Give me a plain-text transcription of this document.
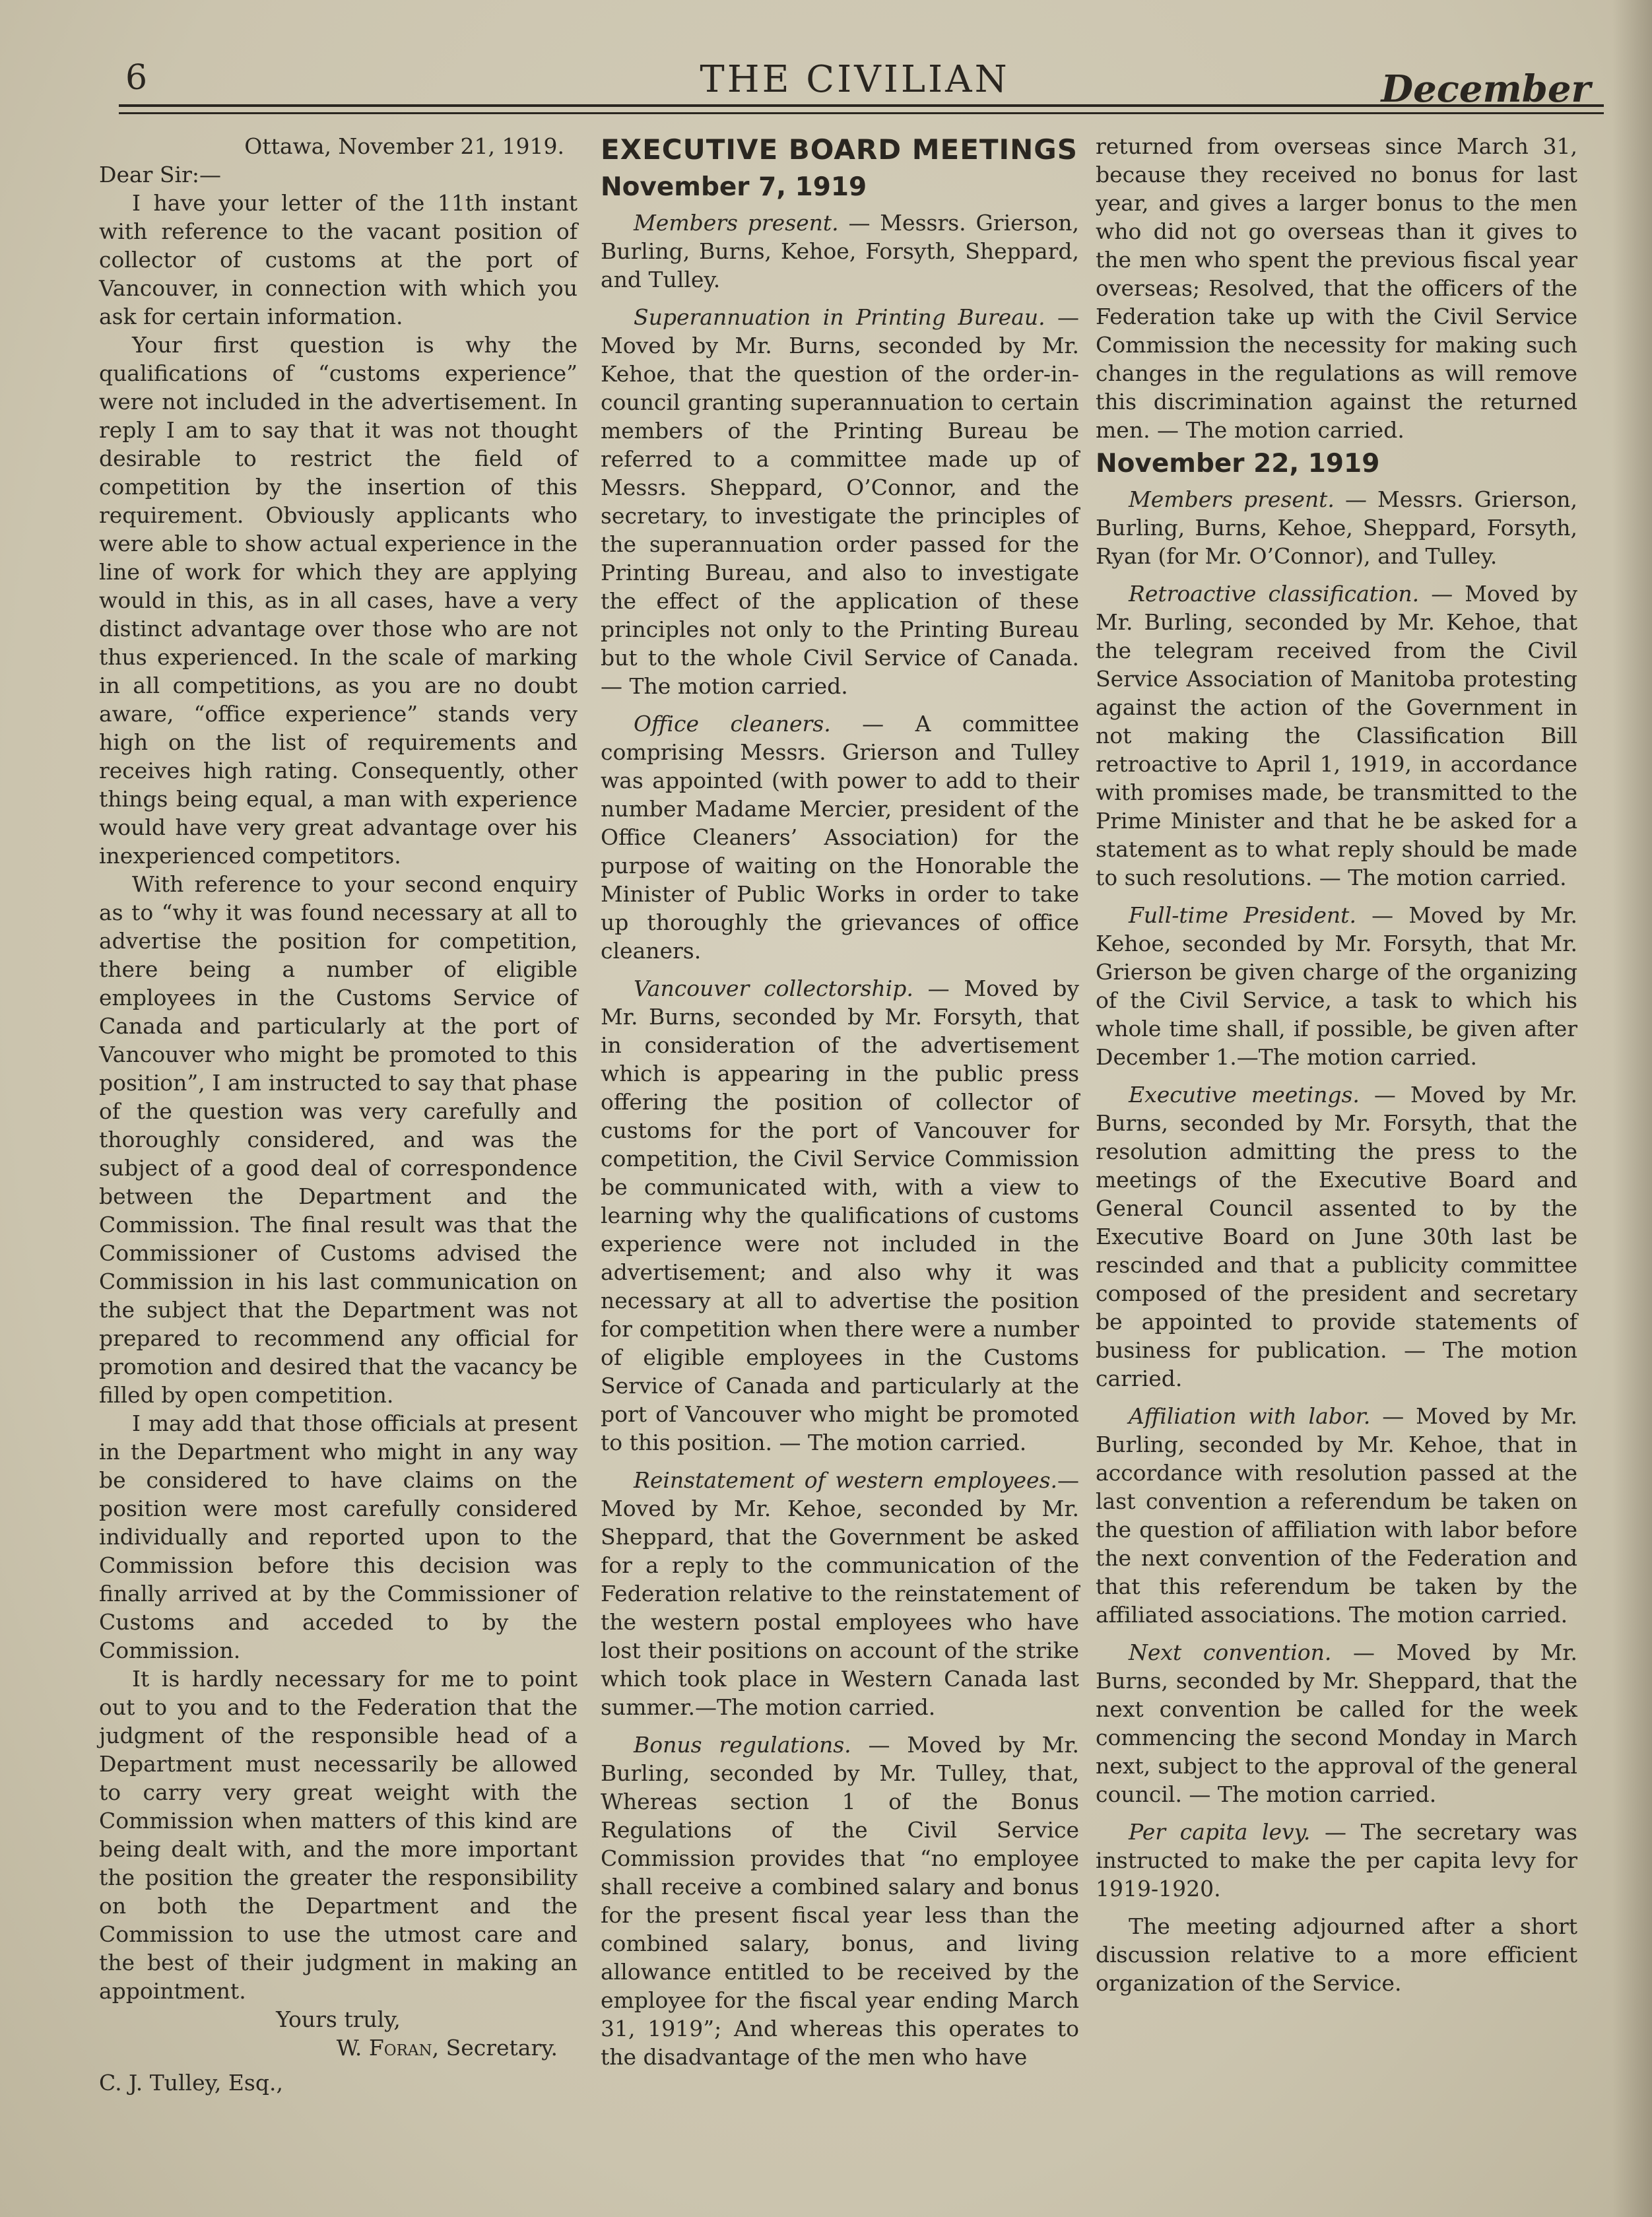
6	THE CIVILIAN	December

Ottawa, November 21, 1919.

Dear Sir:—

I have your letter of the 11th instant with reference to the vacant position of collector of customs at the port of Vancouver, in connection with which you ask for certain information.

Your first question is why the qualifications of “customs experience” were not included in the advertisement. In reply I am to say that it was not thought desirable to restrict the field of competition by the insertion of this requirement. Obviously applicants who were able to show actual experience in the line of work for which they are applying would in this, as in all cases, have a very distinct advantage over those who are not thus experienced. In the scale of marking in all competitions, as you are no doubt aware, “office experience” stands very high on the list of requirements and receives high rating. Consequently, other things being equal, a man with experience would have very great advantage over his inexperienced competitors.

With reference to your second enquiry as to “why it was found necessary at all to advertise the position for competition, there being a number of eligible employees in the Customs Service of Canada and particularly at the port of Vancouver who might be promoted to this position”, I am instructed to say that phase of the question was very carefully and thoroughly considered, and was the subject of a good deal of correspondence between the Department and the Commission. The final result was that the Commissioner of Customs advised the Commission in his last communication on the subject that the Department was not prepared to recommend any official for promotion and desired that the vacancy be filled by open competition.

I may add that those officials at present in the Department who might in any way be considered to have claims on the position were most carefully considered individually and reported upon to the Commission before this decision was finally arrived at by the Commissioner of Customs and acceded to by the Commission.

It is hardly necessary for me to point out to you and to the Federation that the judgment of the responsible head of a Department must necessarily be allowed to carry very great weight with the Commission when matters of this kind are being dealt with, and the more important the position the greater the responsibility on both the Department and the Commission to use the utmost care and the best of their judgment in making an appointment.

Yours truly,

W. Foran, Secretary.

C. J. Tulley, Esq.,

EXECUTIVE BOARD MEETINGS
November 7, 1919

Members present. — Messrs. Grierson, Burling, Burns, Kehoe, Forsyth, Sheppard, and Tulley.

Superannuation in Printing Bureau. — Moved by Mr. Burns, seconded by Mr. Kehoe, that the question of the order-in-council granting superannuation to certain members of the Printing Bureau be referred to a committee made up of Messrs. Sheppard, O’Connor, and the secretary, to investigate the principles of the superannuation order passed for the Printing Bureau, and also to investigate the effect of the application of these principles not only to the Printing Bureau but to the whole Civil Service of Canada. — The motion carried.

Office cleaners. — A committee comprising Messrs. Grierson and Tulley was appointed (with power to add to their number Madame Mercier, president of the Office Cleaners’ Association) for the purpose of waiting on the Honorable the Minister of Public Works in order to take up thoroughly the grievances of office cleaners.

Vancouver collectorship. — Moved by Mr. Burns, seconded by Mr. Forsyth, that in consideration of the advertisement which is appearing in the public press offering the position of collector of customs for the port of Vancouver for competition, the Civil Service Commission be communicated with, with a view to learning why the qualifications of customs experience were not included in the advertisement; and also why it was necessary at all to advertise the position for competition when there were a number of eligible employees in the Customs Service of Canada and particularly at the port of Vancouver who might be promoted to this position. — The motion carried.

Reinstatement of western employees.— Moved by Mr. Kehoe, seconded by Mr. Sheppard, that the Government be asked for a reply to the communication of the Federation relative to the reinstatement of the western postal employees who have lost their positions on account of the strike which took place in Western Canada last summer.—The motion carried.

Bonus regulations. — Moved by Mr. Burling, seconded by Mr. Tulley, that, Whereas section 1 of the Bonus Regulations of the Civil Service Commission provides that “no employee shall receive a combined salary and bonus for the present fiscal year less than the combined salary, bonus, and living allowance entitled to be received by the employee for the fiscal year ending March 31, 1919”; And whereas this operates to the disadvantage of the men who have

returned from overseas since March 31, because they received no bonus for last year, and gives a larger bonus to the men who did not go overseas than it gives to the men who spent the previous fiscal year overseas; Resolved, that the officers of the Federation take up with the Civil Service Commission the necessity for making such changes in the regulations as will remove this discrimination against the returned men. — The motion carried.

November 22, 1919

Members present. — Messrs. Grierson, Burling, Burns, Kehoe, Sheppard, Forsyth, Ryan (for Mr. O’Connor), and Tulley.

Retroactive classification. — Moved by Mr. Burling, seconded by Mr. Kehoe, that the telegram received from the Civil Service Association of Manitoba protesting against the action of the Government in not making the Classification Bill retroactive to April 1, 1919, in accordance with promises made, be transmitted to the Prime Minister and that he be asked for a statement as to what reply should be made to such resolutions. — The motion carried.

Full-time President. — Moved by Mr. Kehoe, seconded by Mr. Forsyth, that Mr. Grierson be given charge of the organizing of the Civil Service, a task to which his whole time shall, if possible, be given after December 1.—The motion carried.

Executive meetings. — Moved by Mr. Burns, seconded by Mr. Forsyth, that the resolution admitting the press to the meetings of the Executive Board and General Council assented to by the Executive Board on June 30th last be rescinded and that a publicity committee composed of the president and secretary be appointed to provide statements of business for publication. — The motion carried.

Affiliation with labor. — Moved by Mr. Burling, seconded by Mr. Kehoe, that in accordance with resolution passed at the last convention a referendum be taken on the question of affiliation with labor before the next convention of the Federation and that this referendum be taken by the affiliated associations. The motion carried.

Next convention. — Moved by Mr. Burns, seconded by Mr. Sheppard, that the next convention be called for the week commencing the second Monday in March next, subject to the approval of the general council. — The motion carried.

Per capita levy. — The secretary was instructed to make the per capita levy for 1919-1920.

The meeting adjourned after a short discussion relative to a more efficient organization of the Service.
